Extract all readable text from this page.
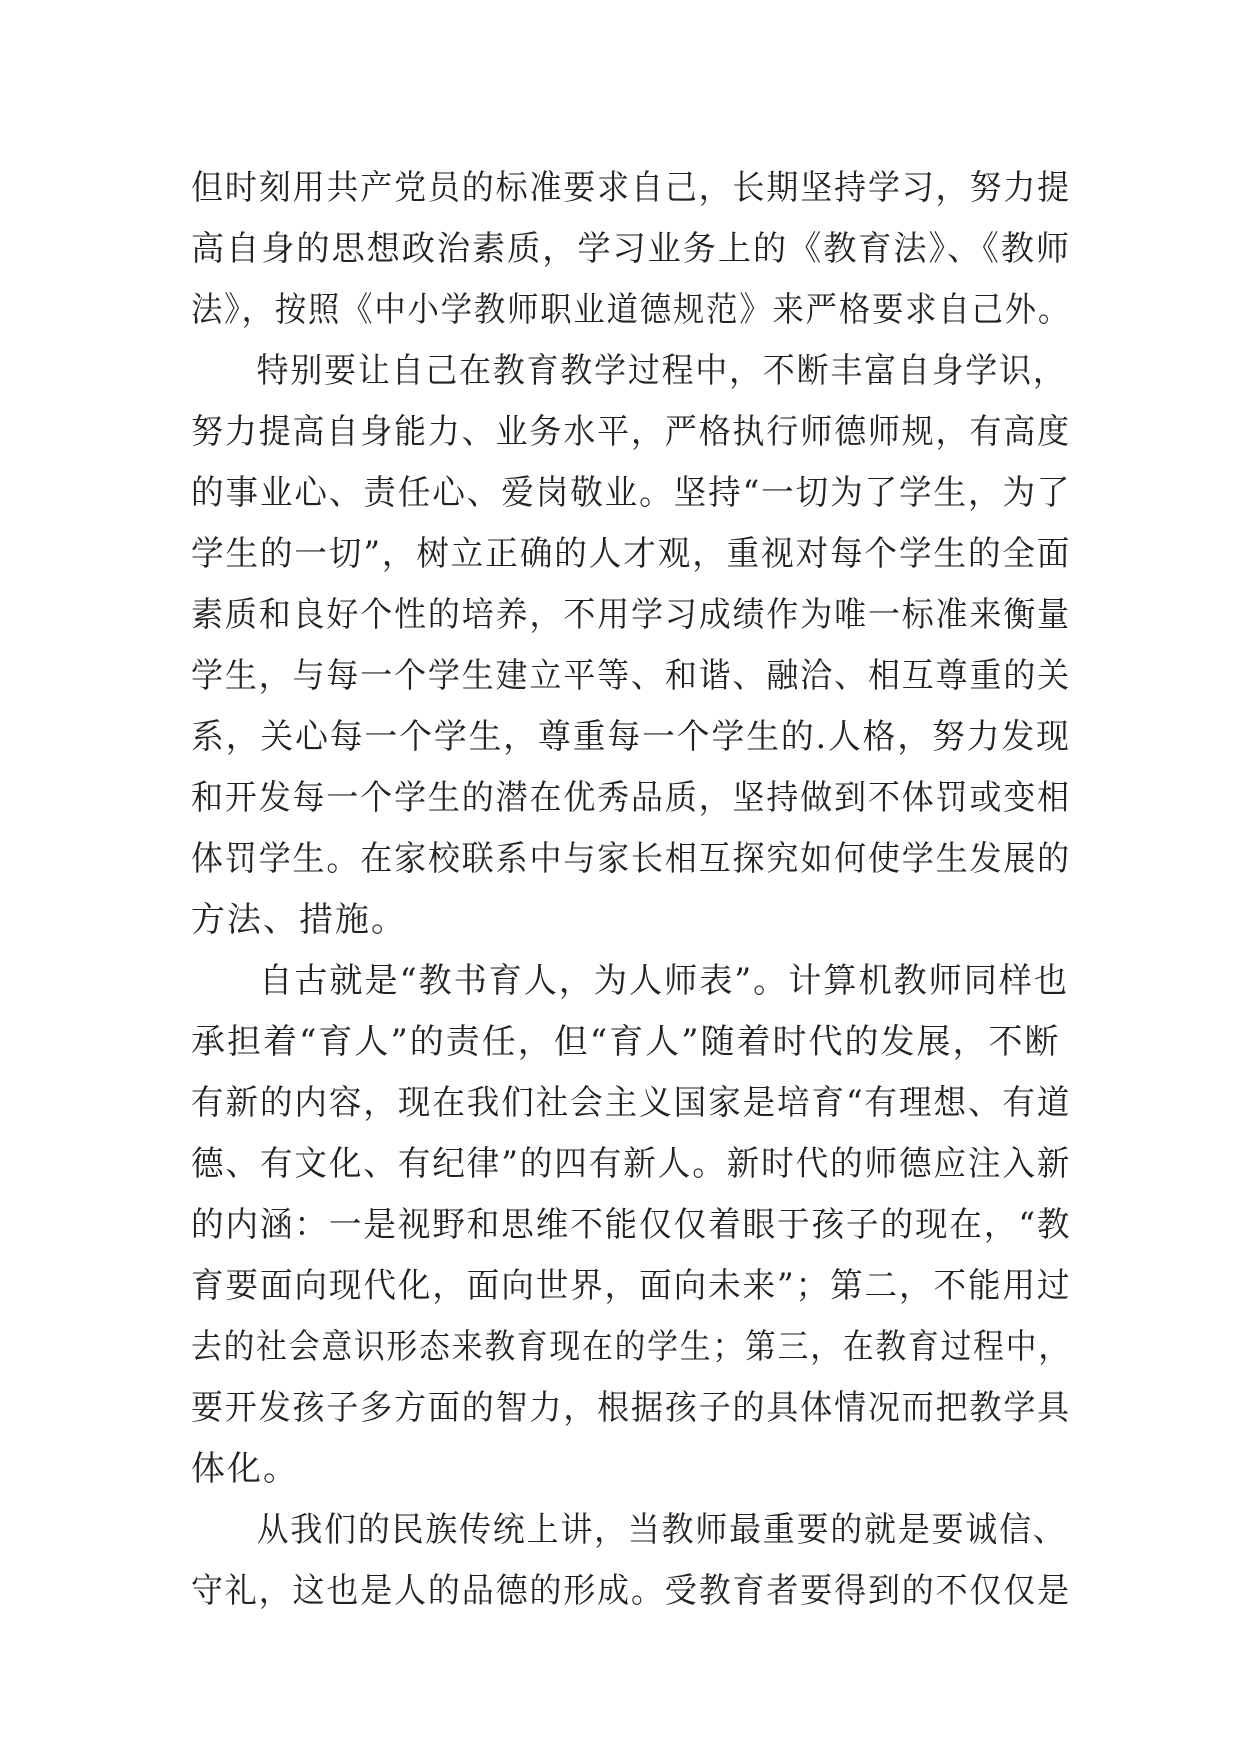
但时刻用共产党员的标准要求自己，长期坚持学习，努力提
高自身的思想政治素质，学习业务上的《教育法》、《教师
法》，按照《中小学教师职业道德规范》来严格要求自己外。
特别要让自己在教育教学过程中，不断丰富自身学识，
努力提高自身能力、业务水平，严格执行师德师规，有高度
的事业心、责任心、爱岗敬业。坚持“一切为了学生，为了
学生的一切”，树立正确的人才观，重视对每个学生的全面
素质和良好个性的培养，不用学习成绩作为唯一标准来衡量
学生，与每一个学生建立平等、和谐、融洽、相互尊重的关
系，关心每一个学生，尊重每一个学生的.人格，努力发现
和开发每一个学生的潜在优秀品质，坚持做到不体罚或变相
体罚学生。在家校联系中与家长相互探究如何使学生发展的
方法、措施。
自古就是“教书育人，为人师表”。计算机教师同样也
承担着“育人”的责任，但“育人”随着时代的发展，不断
有新的内容，现在我们社会主义国家是培育“有理想、有道
德、有文化、有纪律”的四有新人。新时代的师德应注入新
的内涵：一是视野和思维不能仅仅着眼于孩子的现在，“教
育要面向现代化，面向世界，面向未来”；第二，不能用过
去的社会意识形态来教育现在的学生；第三，在教育过程中，
要开发孩子多方面的智力，根据孩子的具体情况而把教学具
体化。
从我们的民族传统上讲，当教师最重要的就是要诚信、
守礼，这也是人的品德的形成。受教育者要得到的不仅仅是
